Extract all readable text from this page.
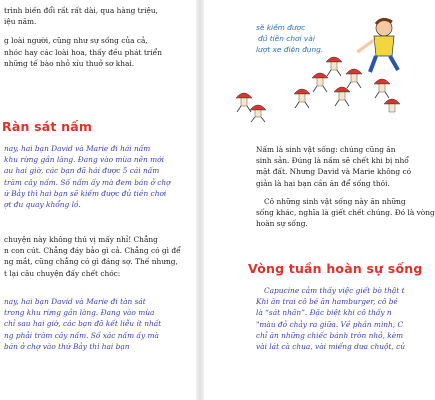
trình biến đổi rất rất dài, qua hàng triệu,
iệu năm.
g loài người, cũng như sự sống của cả,
nhóc hay các loài hoa, thấy đều phát triển
những tế bào nhỏ xíu thuở sơ khai.
Ràn sát nấm
nay, hai bạn David và Marie đi hái nấm
khu rừng gần làng. Đang vào mùa nên mới
au hai giờ, các bạn đã hái được 5 cái nấm
trăm cây nấm. Số nấm ấy mà đem bán ở chợ
ứ Bảy thì hai bạn sẽ kiếm được đủ tiền chơi
ợt đu quay khổng lồ.
chuyện này không thú vị mấy nhỉ! Chẳng
n con cút. Chẳng đáy bảo gì cả. Chẳng có gì để
ng mắt, cũng chẳng có gì đáng sợ. Thế nhưng,
t lại câu chuyện đấy chết chóc:
nay, hai bạn David và Marie đi tàn sát
trong khu rừng gần làng. Đang vào mùa
chỉ sau hai giờ, các bạn đã kết liễu ít nhất
ng phải trăm cây nấm. Số xác nấm ấy mà
bán ở chợ vào thứ Bảy thì hai bạn
sẽ kiếm được
đủ tiền chơi vài
lượt xe điện đụng.
Nấm là sinh vật sống: chúng cũng ăn
sinh sản. Đúng là nấm sẽ chết khi bị nhổ
mặt đất. Nhưng David và Marie không có
giản là hai bạn cần ăn để sống thôi.
Cô những sinh vật sống này ăn những
sống khác, nghĩa là giết chết chúng. Đó là vòng
hoàn sự sống.
Vòng tuần hoàn sự sống
Capucine cảm thấy việc giết bò thật t
Khi ăn trai cô bé ăn hamburger, cô bé
là “sát nhân”. Đặc biệt khi cô thấy n
"màu đỏ chảy ra giữa. Về phần mình, C
chỉ ăn những chiếc bánh tròn nhỏ, kèm
vài lát cà chua, vài miếng dưa chuột, củ
